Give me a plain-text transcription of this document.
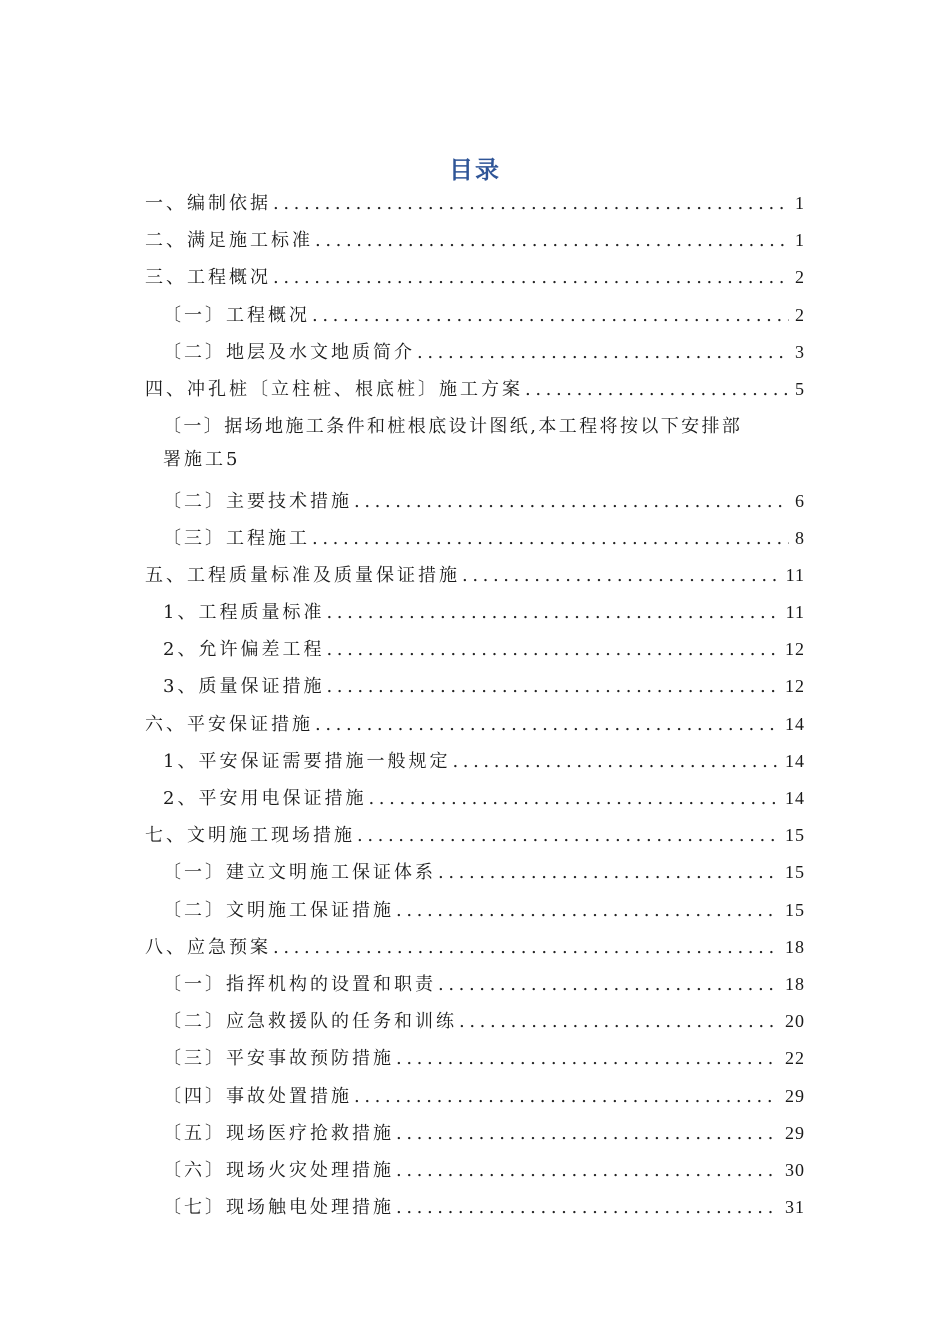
目录
一、编制依据 .....	1
二、满足施工标准 .....	1
三、工程概况 .....	2
〔一〕工程概况 .....	2
〔二〕地层及水文地质简介 .....	3
四、冲孔桩〔立柱桩、根底桩〕施工方案 .....	5
〔一〕据场地施工条件和桩根底设计图纸,本工程将按以下安排部
署施工 5
〔二〕主要技术措施 .....	6
〔三〕工程施工 .....	8
五、工程质量标准及质量保证措施 .....	11
1、工程质量标准 .....	11
2、允许偏差工程 .....	12
3、质量保证措施 .....	12
六、平安保证措施 .....	14
1、平安保证需要措施一般规定 .....	14
2、平安用电保证措施 .....	14
七、文明施工现场措施 .....	15
〔一〕建立文明施工保证体系 .....	15
〔二〕文明施工保证措施 .....	15
八、应急预案 .....	18
〔一〕指挥机构的设置和职责 .....	18
〔二〕应急救援队的任务和训练 .....	20
〔三〕平安事故预防措施 .....	22
〔四〕事故处置措施 .....	29
〔五〕现场医疗抢救措施 .....	29
〔六〕现场火灾处理措施 .....	30
〔七〕现场触电处理措施 .....	31
